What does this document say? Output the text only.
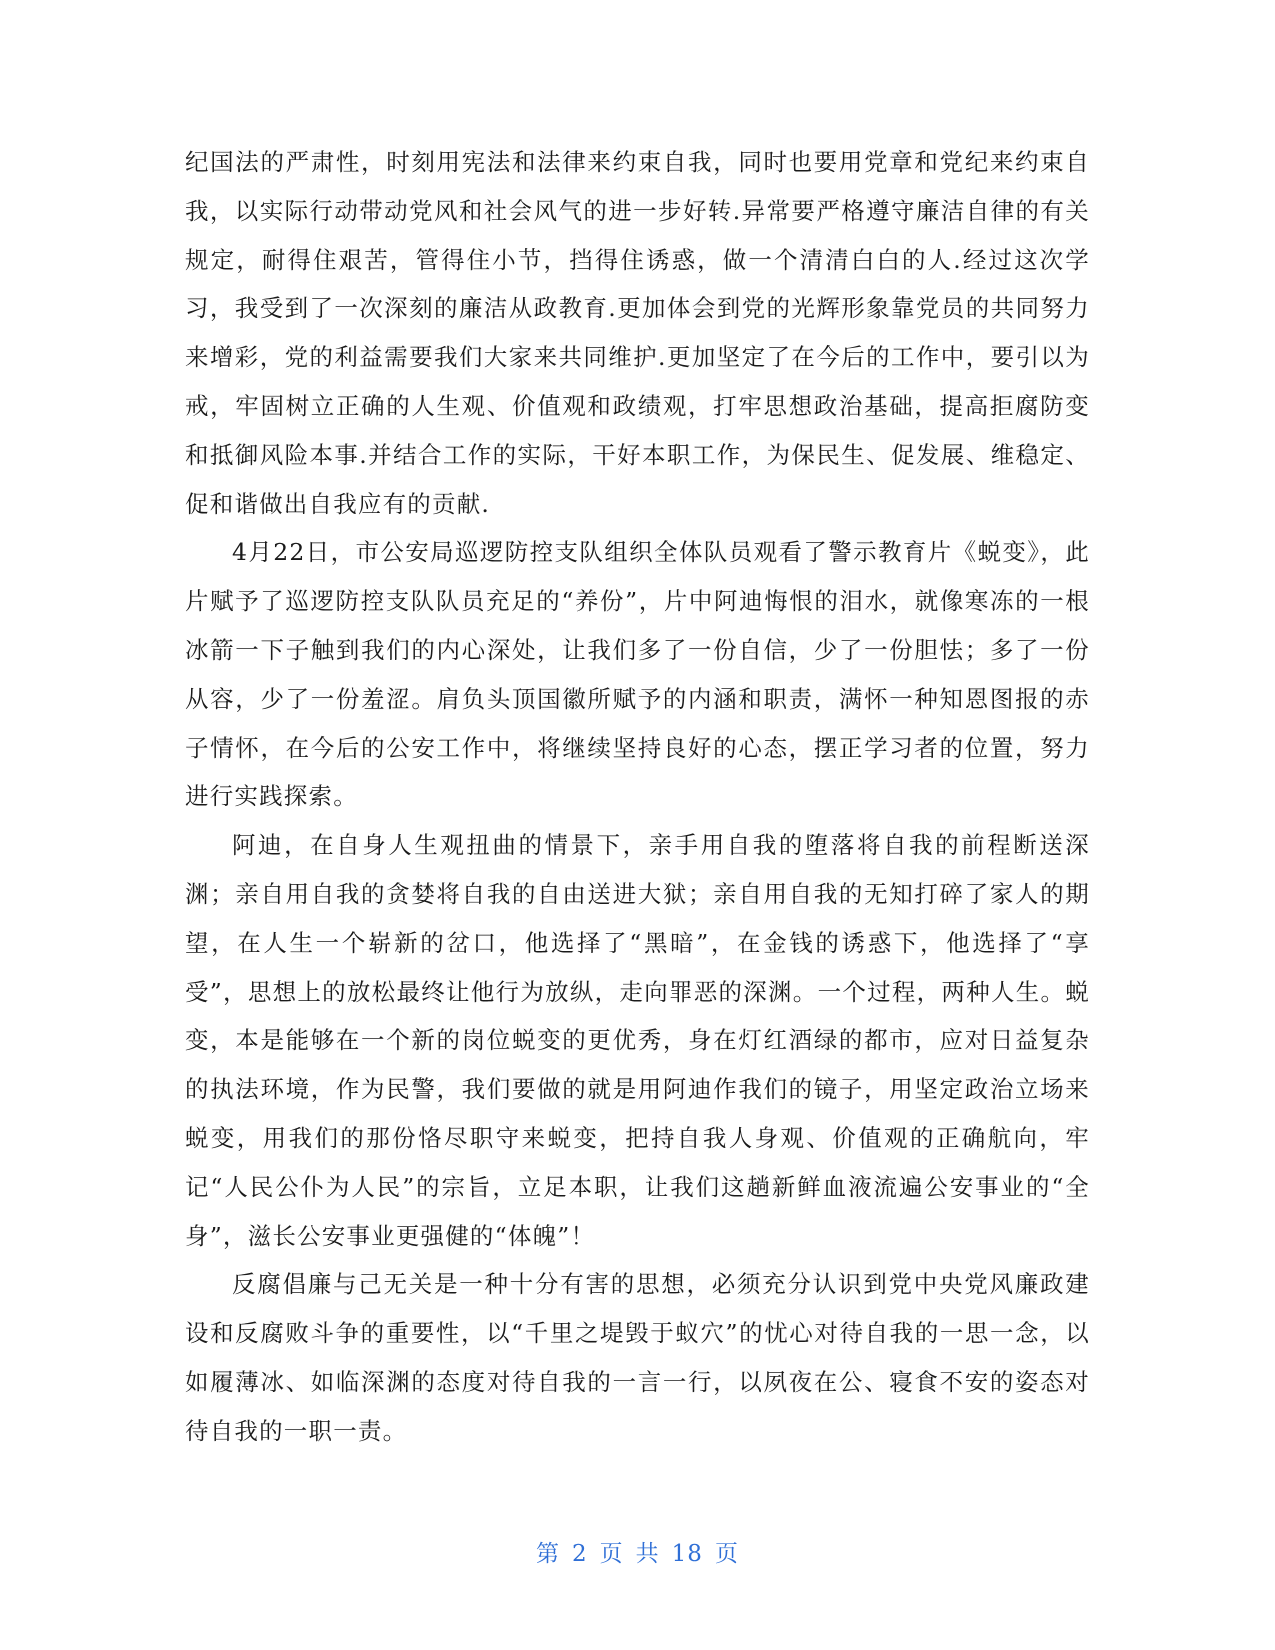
纪国法的严肃性，时刻用宪法和法律来约束自我，同时也要用党章和党纪来约束自我，以实际行动带动党风和社会风气的进一步好转.异常要严格遵守廉洁自律的有关规定，耐得住艰苦，管得住小节，挡得住诱惑，做一个清清白白的人.经过这次学习，我受到了一次深刻的廉洁从政教育.更加体会到党的光辉形象靠党员的共同努力来增彩，党的利益需要我们大家来共同维护.更加坚定了在今后的工作中，要引以为戒，牢固树立正确的人生观、价值观和政绩观，打牢思想政治基础，提高拒腐防变和抵御风险本事.并结合工作的实际，干好本职工作，为保民生、促发展、维稳定、促和谐做出自我应有的贡献.

4月22日，市公安局巡逻防控支队组织全体队员观看了警示教育片《蜕变》，此片赋予了巡逻防控支队队员充足的“养份”，片中阿迪悔恨的泪水，就像寒冻的一根冰箭一下子触到我们的内心深处，让我们多了一份自信，少了一份胆怯；多了一份从容，少了一份羞涩。肩负头顶国徽所赋予的内涵和职责，满怀一种知恩图报的赤子情怀，在今后的公安工作中，将继续坚持良好的心态，摆正学习者的位置，努力进行实践探索。

阿迪，在自身人生观扭曲的情景下，亲手用自我的堕落将自我的前程断送深渊；亲自用自我的贪婪将自我的自由送进大狱；亲自用自我的无知打碎了家人的期望，在人生一个崭新的岔口，他选择了“黑暗”，在金钱的诱惑下，他选择了“享受”，思想上的放松最终让他行为放纵，走向罪恶的深渊。一个过程，两种人生。蜕变，本是能够在一个新的岗位蜕变的更优秀，身在灯红酒绿的都市，应对日益复杂的执法环境，作为民警，我们要做的就是用阿迪作我们的镜子，用坚定政治立场来蜕变，用我们的那份恪尽职守来蜕变，把持自我人身观、价值观的正确航向，牢记“人民公仆为人民”的宗旨，立足本职，让我们这趟新鲜血液流遍公安事业的“全身”，滋长公安事业更强健的“体魄”！

反腐倡廉与己无关是一种十分有害的思想，必须充分认识到党中央党风廉政建设和反腐败斗争的重要性，以“千里之堤毁于蚁穴”的忧心对待自我的一思一念，以如履薄冰、如临深渊的态度对待自我的一言一行，以夙夜在公、寝食不安的姿态对待自我的一职一责。

第 2 页 共 18 页
